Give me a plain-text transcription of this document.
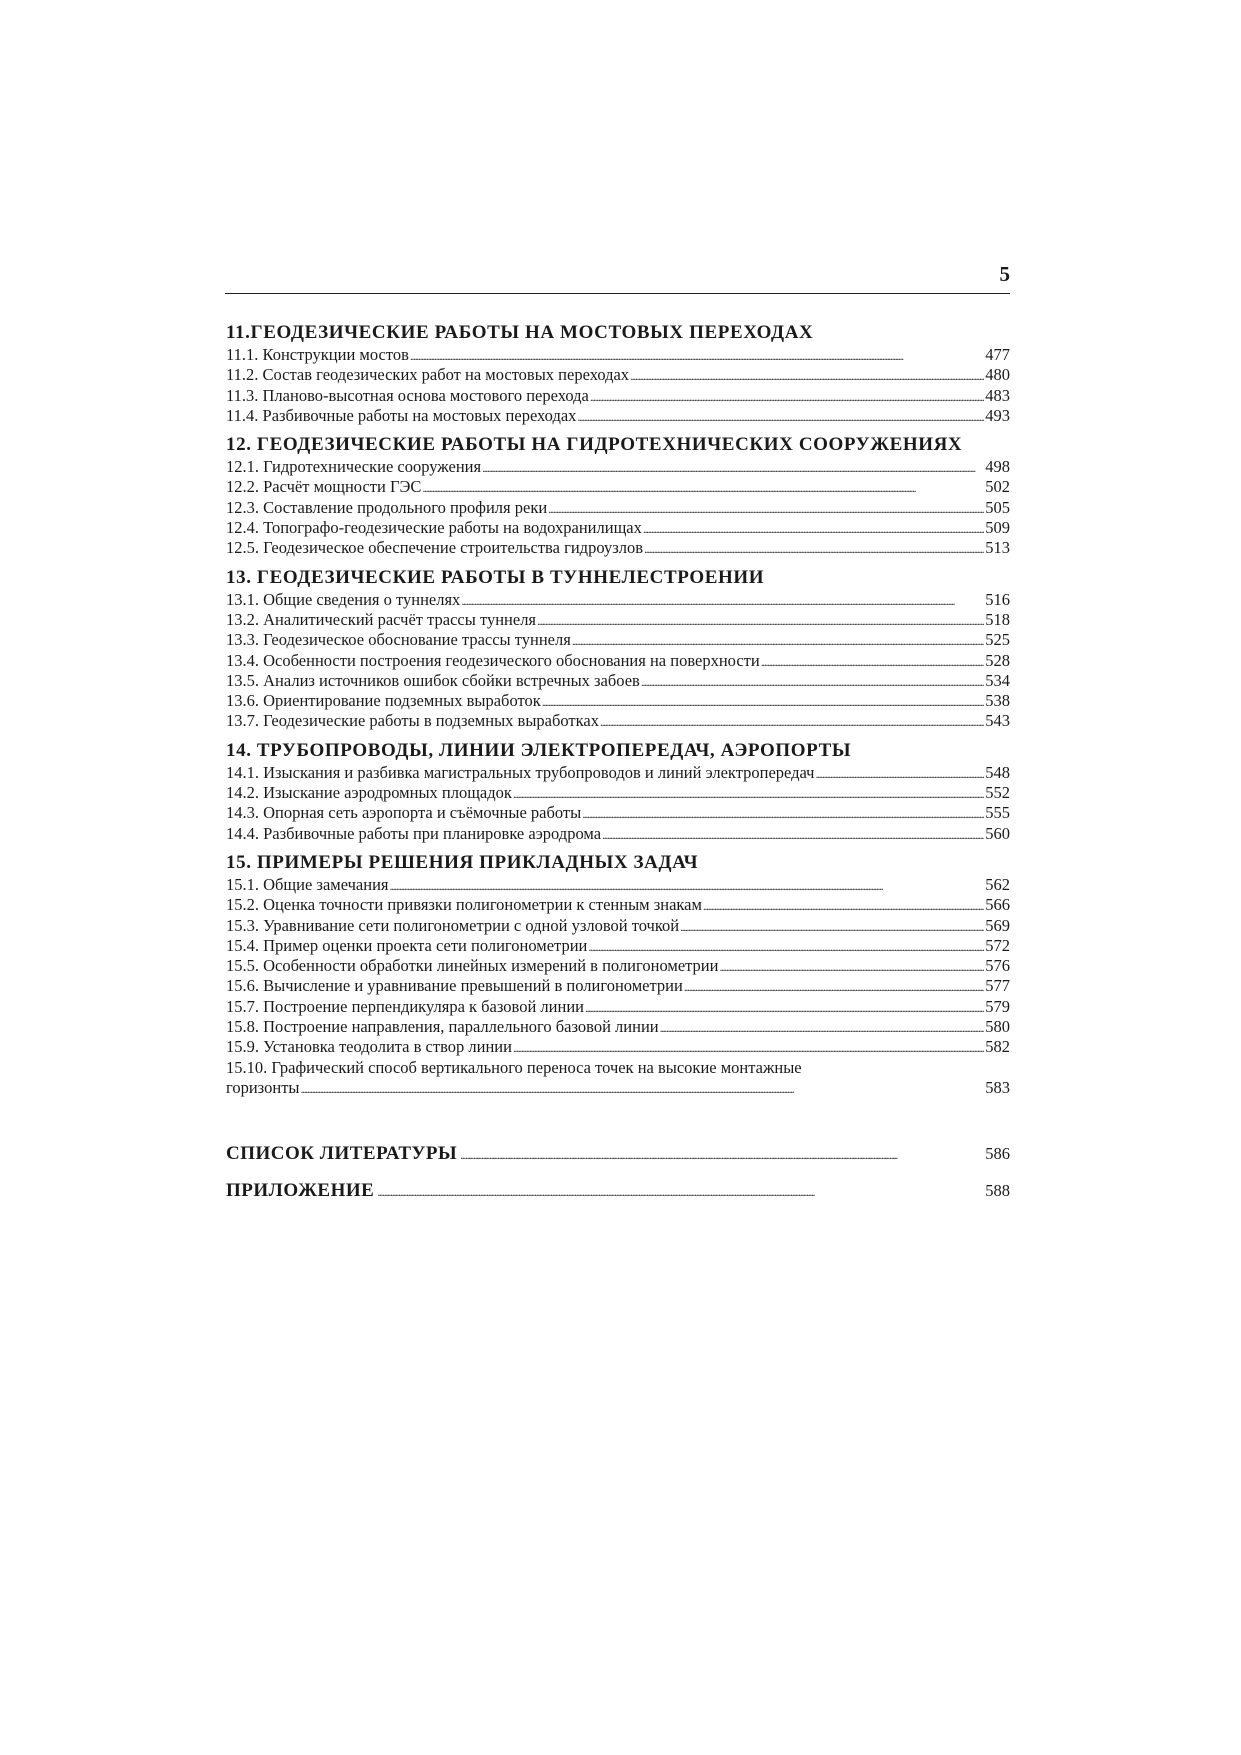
5
11.ГЕОДЕЗИЧЕСКИЕ РАБОТЫ НА МОСТОВЫХ ПЕРЕХОДАХ
11.1. Конструкции мостов . . .	477
11.2. Состав геодезических работ на мостовых переходах . . .	480
11.3. Планово-высотная основа мостового перехода . . .	483
11.4. Разбивочные работы на мостовых переходах . . .	493
12. ГЕОДЕЗИЧЕСКИЕ РАБОТЫ НА ГИДРОТЕХНИЧЕСКИХ СООРУЖЕНИЯХ
12.1. Гидротехнические сооружения . . .	498
12.2. Расчёт мощности ГЭС . . .	502
12.3. Составление продольного профиля реки . . .	505
12.4. Топографо-геодезические работы на водохранилищах . . .	509
12.5. Геодезическое обеспечение строительства гидроузлов . . .	513
13. ГЕОДЕЗИЧЕСКИЕ РАБОТЫ В ТУННЕЛЕСТРОЕНИИ
13.1. Общие сведения о туннелях . . .	516
13.2. Аналитический расчёт трассы туннеля . . .	518
13.3. Геодезическое обоснование трассы туннеля . . .	525
13.4. Особенности построения геодезического обоснования на поверхности . . .	528
13.5. Анализ источников ошибок сбойки встречных забоев . . .	534
13.6. Ориентирование подземных выработок . . .	538
13.7. Геодезические работы в подземных выработках . . .	543
14. ТРУБОПРОВОДЫ, ЛИНИИ ЭЛЕКТРОПЕРЕДАЧ, АЭРОПОРТЫ
14.1. Изыскания и разбивка магистральных трубопроводов и линий электропередач . . .	548
14.2. Изыскание аэродромных площадок . . .	552
14.3. Опорная сеть аэропорта и съёмочные работы . . .	555
14.4. Разбивочные работы при планировке аэродрома . . .	560
15. ПРИМЕРЫ РЕШЕНИЯ ПРИКЛАДНЫХ ЗАДАЧ
15.1. Общие замечания . . .	562
15.2. Оценка точности привязки полигонометрии к стенным знакам . . .	566
15.3. Уравнивание сети полигонометрии с одной узловой точкой . . .	569
15.4. Пример оценки проекта сети полигонометрии . . .	572
15.5. Особенности обработки линейных измерений в полигонометрии . . .	576
15.6. Вычисление и уравнивание превышений в полигонометрии . . .	577
15.7. Построение перпендикуляра к базовой линии . . .	579
15.8. Построение направления, параллельного базовой линии . . .	580
15.9. Установка теодолита в створ линии . . .	582
15.10. Графический способ вертикального переноса точек на высокие монтажные
горизонты . . .	583
СПИСОК ЛИТЕРАТУРЫ . . .	586
ПРИЛОЖЕНИЕ . . .	588
